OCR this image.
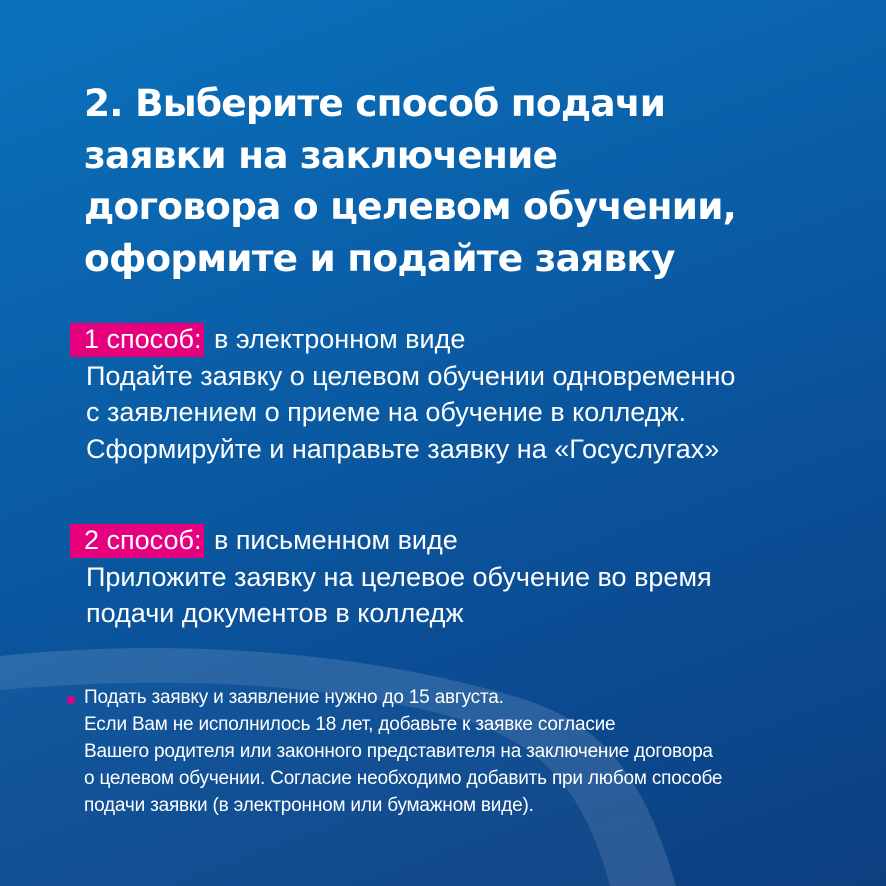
2. Выберите способ подачи
заявки на заключение
договора о целевом обучении,
оформите и подайте заявку
1 способ: в электронном виде
Подайте заявку о целевом обучении одновременно
с заявлением о приеме на обучение в колледж.
Сформируйте и направьте заявку на «Госуслугах»
2 способ: в письменном виде
Приложите заявку на целевое обучение во время
подачи документов в колледж
Подать заявку и заявление нужно до 15 августа.
Если Вам не исполнилось 18 лет, добавьте к заявке согласие
Вашего родителя или законного представителя на заключение договора
о целевом обучении. Согласие необходимо добавить при любом способе
подачи заявки (в электронном или бумажном виде).
